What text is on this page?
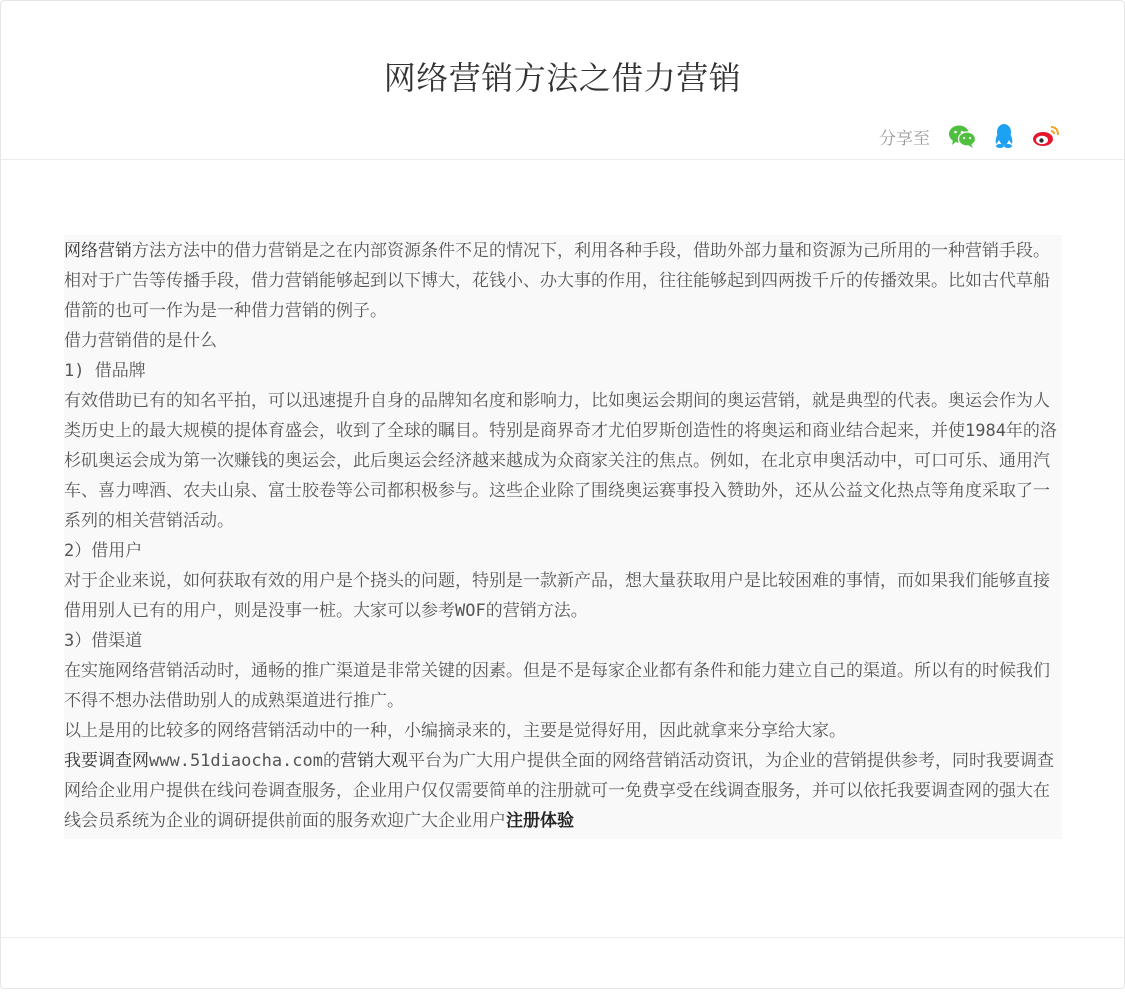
网络营销方法之借力营销
分享至

网络营销方法方法中的借力营销是之在内部资源条件不足的情况下，利用各种手段，借助外部力量和资源为己所用的一种营销手段。相对于广告等传播手段，借力营销能够起到以下博大，花钱小、办大事的作用，往往能够起到四两拨千斤的传播效果。比如古代草船借箭的也可一作为是一种借力营销的例子。

借力营销借的是什么

1) 借品牌

有效借助已有的知名平拍，可以迅速提升自身的品牌知名度和影响力，比如奥运会期间的奥运营销，就是典型的代表。奥运会作为人类历史上的最大规模的提体育盛会，收到了全球的瞩目。特别是商界奇才尤伯罗斯创造性的将奥运和商业结合起来，并使1984年的洛杉矶奥运会成为第一次赚钱的奥运会，此后奥运会经济越来越成为众商家关注的焦点。例如，在北京申奥活动中，可口可乐、通用汽车、喜力啤酒、农夫山泉、富士胶卷等公司都积极参与。这些企业除了围绕奥运赛事投入赞助外，还从公益文化热点等角度采取了一系列的相关营销活动。

2）借用户

对于企业来说，如何获取有效的用户是个挠头的问题，特别是一款新产品，想大量获取用户是比较困难的事情，而如果我们能够直接借用别人已有的用户，则是没事一桩。大家可以参考WOF的营销方法。

3）借渠道

在实施网络营销活动时，通畅的推广渠道是非常关键的因素。但是不是每家企业都有条件和能力建立自己的渠道。所以有的时候我们不得不想办法借助别人的成熟渠道进行推广。

以上是用的比较多的网络营销活动中的一种，小编摘录来的，主要是觉得好用，因此就拿来分享给大家。

我要调查网www.51diaocha.com的营销大观平台为广大用户提供全面的网络营销活动资讯，为企业的营销提供参考，同时我要调查网给企业用户提供在线问卷调查服务，企业用户仅仅需要简单的注册就可一免费享受在线调查服务，并可以依托我要调查网的强大在线会员系统为企业的调研提供前面的服务欢迎广大企业用户注册体验
